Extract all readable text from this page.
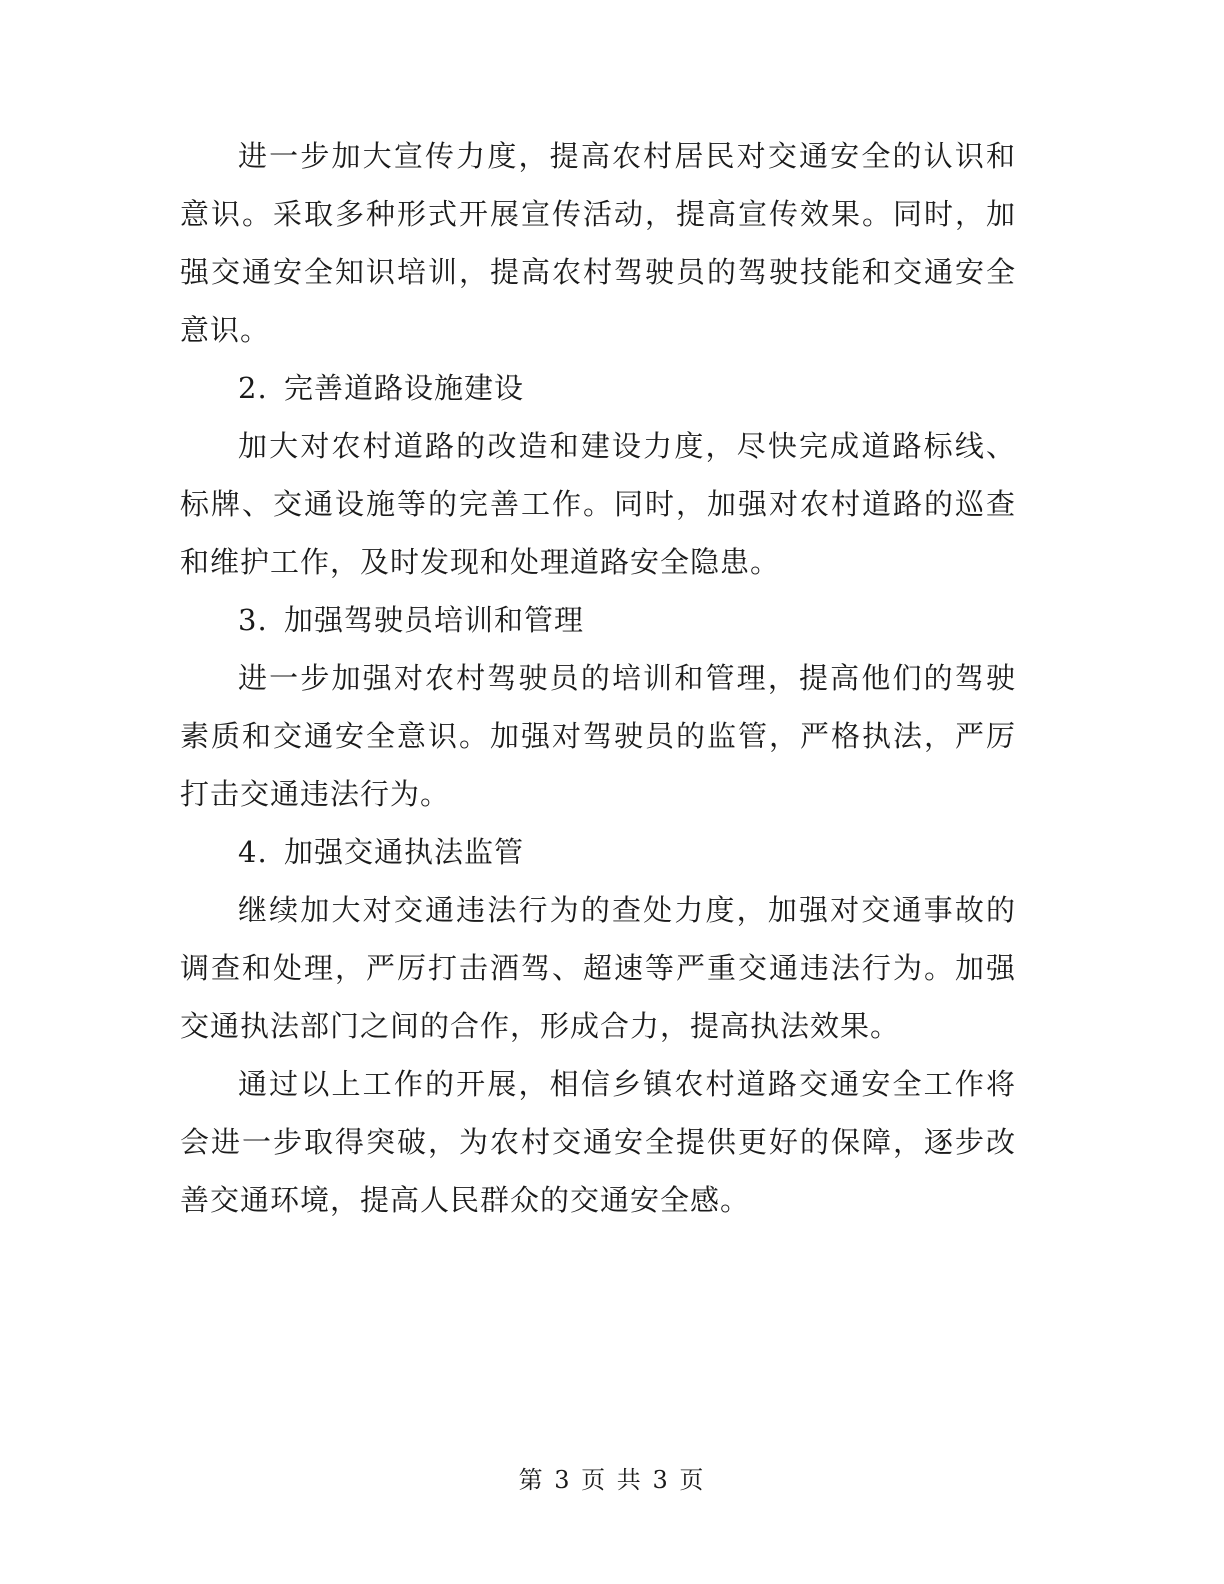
进一步加大宣传力度，提高农村居民对交通安全的认识和意识。采取多种形式开展宣传活动，提高宣传效果。同时，加强交通安全知识培训，提高农村驾驶员的驾驶技能和交通安全意识。

2. 完善道路设施建设

加大对农村道路的改造和建设力度，尽快完成道路标线、标牌、交通设施等的完善工作。同时，加强对农村道路的巡查和维护工作，及时发现和处理道路安全隐患。

3. 加强驾驶员培训和管理

进一步加强对农村驾驶员的培训和管理，提高他们的驾驶素质和交通安全意识。加强对驾驶员的监管，严格执法，严厉打击交通违法行为。

4. 加强交通执法监管

继续加大对交通违法行为的查处力度，加强对交通事故的调查和处理，严厉打击酒驾、超速等严重交通违法行为。加强交通执法部门之间的合作，形成合力，提高执法效果。

通过以上工作的开展，相信乡镇农村道路交通安全工作将会进一步取得突破，为农村交通安全提供更好的保障，逐步改善交通环境，提高人民群众的交通安全感。

第 3 页 共 3 页
